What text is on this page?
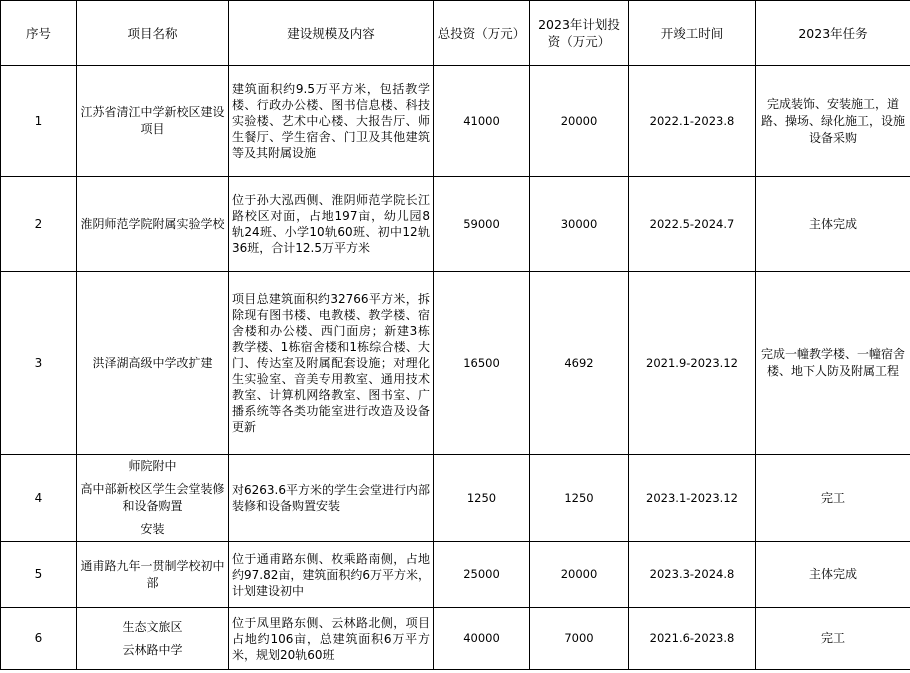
序号	项目名称	建设规模及内容	总投资（万元）	2023年计划投资（万元）	开竣工时间	2023年任务
1	江苏省清江中学新校区建设项目	建筑面积约9.5万平方米，包括教学楼、行政办公楼、图书信息楼、科技实验楼、艺术中心楼、大报告厅、师生餐厅、学生宿舍、门卫及其他建筑等及其附属设施	41000	20000	2022.1-2023.8	完成装饰、安装施工，道路、操场、绿化施工，设施设备采购
2	淮阴师范学院附属实验学校	位于孙大泓西侧、淮阴师范学院长江路校区对面，占地197亩，幼儿园8轨24班、小学10轨60班、初中12轨36班，合计12.5万平方米	59000	30000	2022.5-2024.7	主体完成
3	洪泽湖高级中学改扩建	项目总建筑面积约32766平方米，拆除现有图书楼、电教楼、教学楼、宿舍楼和办公楼、西门面房；新建3栋教学楼、1栋宿舍楼和1栋综合楼、大门、传达室及附属配套设施；对理化生实验室、音美专用教室、通用技术教室、计算机网络教室、图书室、广播系统等各类功能室进行改造及设备更新	16500	4692	2021.9-2023.12	完成一幢教学楼、一幢宿舍楼、地下人防及附属工程
4	师院附中
高中部新校区学生会堂装修和设备购置
安装	对6263.6平方米的学生会堂进行内部装修和设备购置安装	1250	1250	2023.1-2023.12	完工
5	通甫路九年一贯制学校初中部	位于通甫路东侧、枚乘路南侧，占地约97.82亩，建筑面积约6万平方米，计划建设初中	25000	20000	2023.3-2024.8	主体完成
6	生态文旅区
云林路中学	位于凤里路东侧、云林路北侧，项目占地约106亩，总建筑面积6万平方米，规划20轨60班	40000	7000	2021.6-2023.8	完工
